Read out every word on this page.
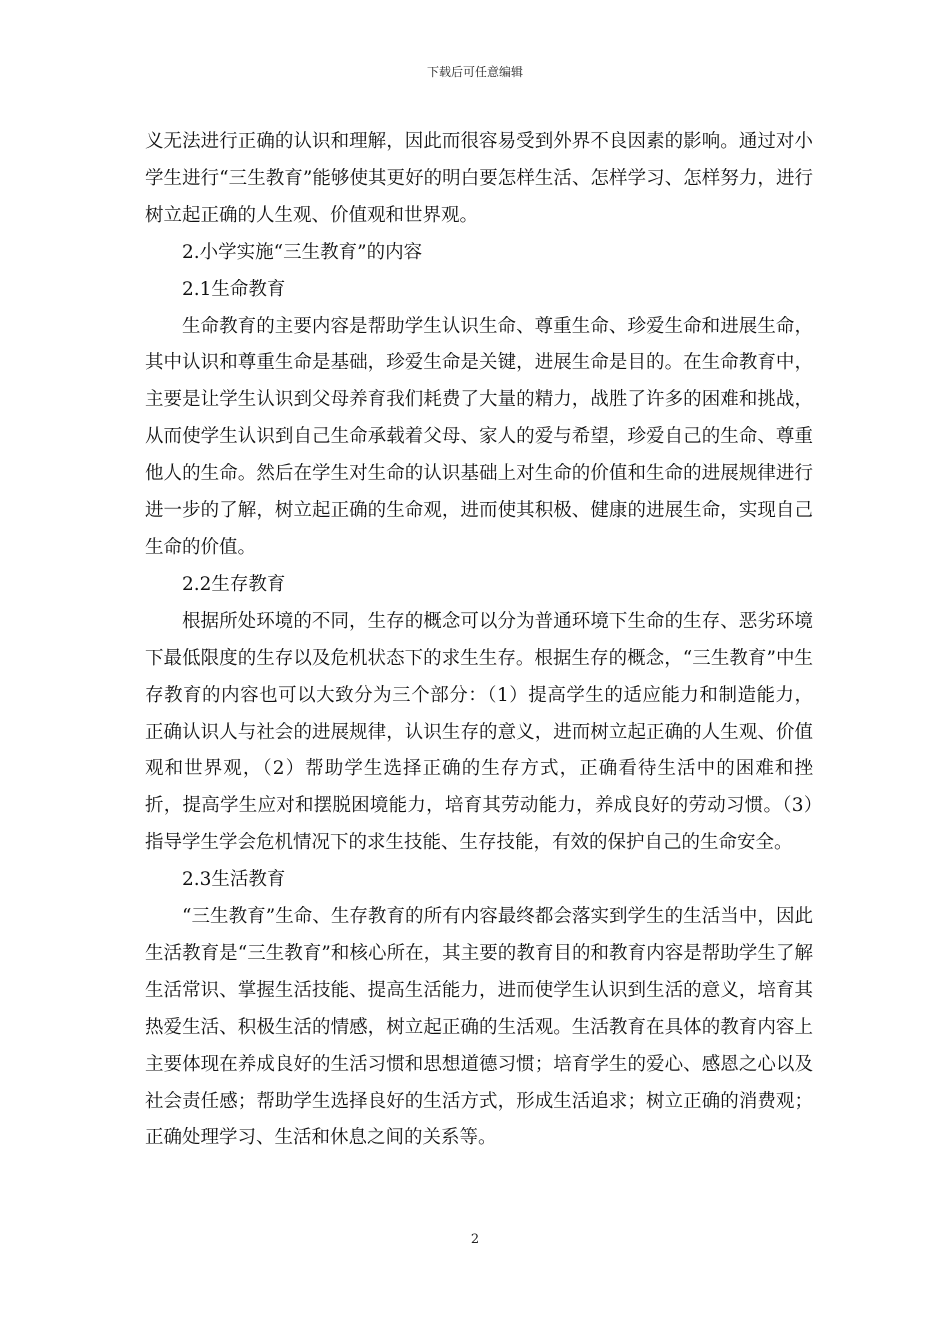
下载后可任意编辑

义无法进行正确的认识和理解，因此而很容易受到外界不良因素的影响。通过对小学生进行“三生教育”能够使其更好的明白要怎样生活、怎样学习、怎样努力，进行树立起正确的人生观、价值观和世界观。

2.小学实施“三生教育”的内容

2.1生命教育

生命教育的主要内容是帮助学生认识生命、尊重生命、珍爱生命和进展生命，其中认识和尊重生命是基础，珍爱生命是关键，进展生命是目的。在生命教育中，主要是让学生认识到父母养育我们耗费了大量的精力，战胜了许多的困难和挑战，从而使学生认识到自己生命承载着父母、家人的爱与希望，珍爱自己的生命、尊重他人的生命。然后在学生对生命的认识基础上对生命的价值和生命的进展规律进行进一步的了解，树立起正确的生命观，进而使其积极、健康的进展生命，实现自己生命的价值。

2.2生存教育

根据所处环境的不同，生存的概念可以分为普通环境下生命的生存、恶劣环境下最低限度的生存以及危机状态下的求生生存。根据生存的概念，“三生教育”中生存教育的内容也可以大致分为三个部分：（1）提高学生的适应能力和制造能力，正确认识人与社会的进展规律，认识生存的意义，进而树立起正确的人生观、价值观和世界观，（2）帮助学生选择正确的生存方式，正确看待生活中的困难和挫折，提高学生应对和摆脱困境能力，培育其劳动能力，养成良好的劳动习惯。（3）指导学生学会危机情况下的求生技能、生存技能，有效的保护自己的生命安全。

2.3生活教育

“三生教育”生命、生存教育的所有内容最终都会落实到学生的生活当中，因此生活教育是“三生教育”和核心所在，其主要的教育目的和教育内容是帮助学生了解生活常识、掌握生活技能、提高生活能力，进而使学生认识到生活的意义，培育其热爱生活、积极生活的情感，树立起正确的生活观。生活教育在具体的教育内容上主要体现在养成良好的生活习惯和思想道德习惯；培育学生的爱心、感恩之心以及社会责任感；帮助学生选择良好的生活方式，形成生活追求；树立正确的消费观；正确处理学习、生活和休息之间的关系等。

2
